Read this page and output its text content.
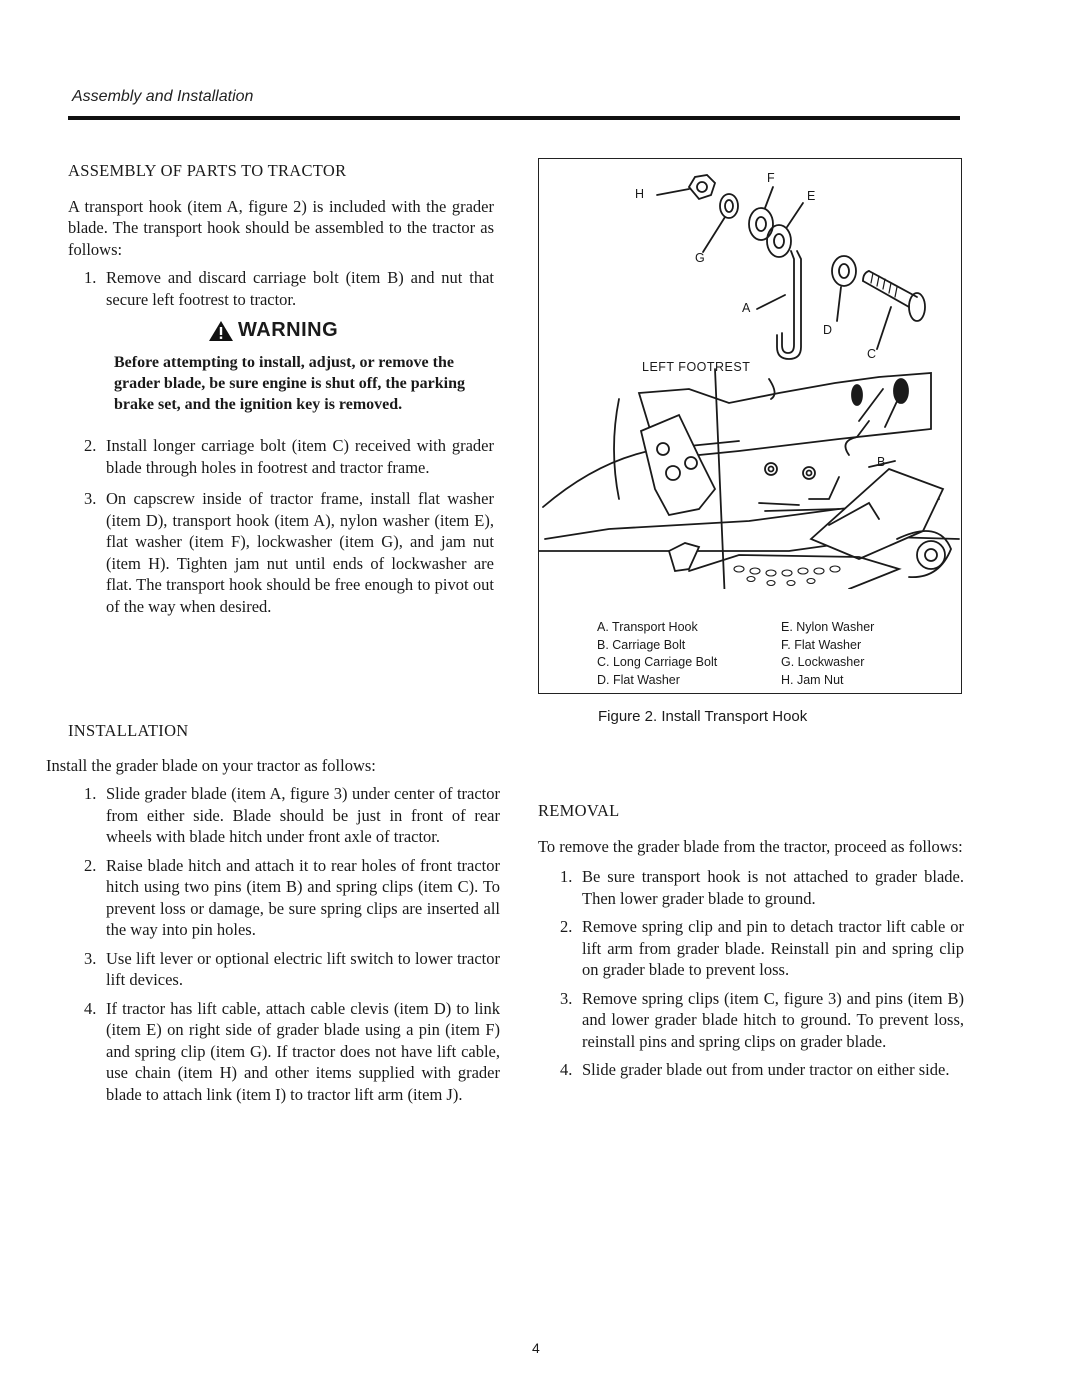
Assembly and Installation
ASSEMBLY OF PARTS TO TRACTOR
A transport hook (item A, figure 2) is included with the grader blade. The transport hook should be assembled to the tractor as follows:
1. Remove and discard carriage bolt (item B) and nut that secure left footrest to tractor.
WARNING
Before attempting to install, adjust, or remove the grader blade, be sure engine is shut off, the parking brake set, and the ignition key is removed.
2. Install longer carriage bolt (item C) received with grader blade through holes in footrest and tractor frame.
3. On capscrew inside of tractor frame, install flat washer (item D), transport hook (item A), nylon washer (item E), flat washer (item F), lockwasher (item G), and jam nut (item H). Tighten jam nut until ends of lockwasher are flat. The transport hook should be free enough to pivot out of the way when desired.
INSTALLATION
Install the grader blade on your tractor as follows:
1. Slide grader blade (item A, figure 3) under center of tractor from either side. Blade should be just in front of rear wheels with blade hitch under front axle of tractor.
2. Raise blade hitch and attach it to rear holes of front tractor hitch using two pins (item B) and spring clips (item C). To prevent loss or damage, be sure spring clips are inserted all the way into pin holes.
3. Use lift lever or optional electric lift switch to lower tractor lift devices.
4. If tractor has lift cable, attach cable clevis (item D) to link (item E) on right side of grader blade using a pin (item F) and spring clip (item G). If tractor does not have lift cable, use chain (item H) and other items supplied with grader blade to attach link (item I) to tractor lift arm (item J).
H
F
E
G
A
D
C
B
LEFT FOOTREST
A. Transport Hook
B. Carriage Bolt
C. Long Carriage Bolt
D. Flat Washer
E. Nylon Washer
F. Flat Washer
G. Lockwasher
H. Jam Nut
Figure 2. Install Transport Hook
REMOVAL
To remove the grader blade from the tractor, proceed as follows:
1. Be sure transport hook is not attached to grader blade. Then lower grader blade to ground.
2. Remove spring clip and pin to detach tractor lift cable or lift arm from grader blade. Reinstall pin and spring clip on grader blade to prevent loss.
3. Remove spring clips (item C, figure 3) and pins (item B) and lower grader blade hitch to ground. To prevent loss, reinstall pins and spring clips on grader blade.
4. Slide grader blade out from under tractor on either side.
4
